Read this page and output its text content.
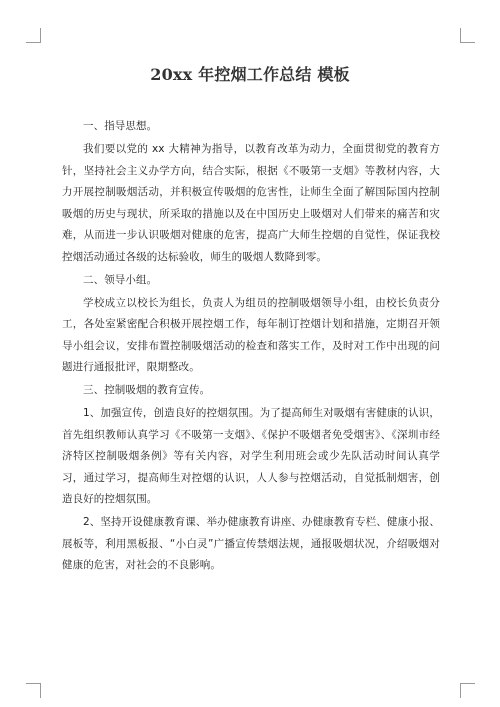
20xx 年控烟工作总结 模板

一、指导思想。

我们要以党的 xx 大精神为指导，以教育改革为动力，全面贯彻党的教育方针，坚持社会主义办学方向，结合实际，根据《不吸第一支烟》等教材内容，大力开展控制吸烟活动，并积极宣传吸烟的危害性，让师生全面了解国际国内控制吸烟的历史与现状，所采取的措施以及在中国历史上吸烟对人们带来的痛苦和灾难，从而进一步认识吸烟对健康的危害，提高广大师生控烟的自觉性，保证我校控烟活动通过各级的达标验收，师生的吸烟人数降到零。

二、领导小组。

学校成立以校长为组长，负责人为组员的控制吸烟领导小组，由校长负责分工，各处室紧密配合积极开展控烟工作，每年制订控烟计划和措施，定期召开领导小组会议，安排布置控制吸烟活动的检查和落实工作，及时对工作中出现的问题进行通报批评，限期整改。

三、控制吸烟的教育宣传。

1、加强宣传，创造良好的控烟氛围。为了提高师生对吸烟有害健康的认识，首先组织教师认真学习《不吸第一支烟》、《保护不吸烟者免受烟害》、《深圳市经济特区控制吸烟条例》等有关内容，对学生利用班会或少先队活动时间认真学习，通过学习，提高师生对控烟的认识，人人参与控烟活动，自觉抵制烟害，创造良好的控烟氛围。

2、坚持开设健康教育课、举办健康教育讲座、办健康教育专栏、健康小报、展板等，利用黑板报、“小白灵”广播宣传禁烟法规，通报吸烟状况，介绍吸烟对健康的危害，对社会的不良影响。
